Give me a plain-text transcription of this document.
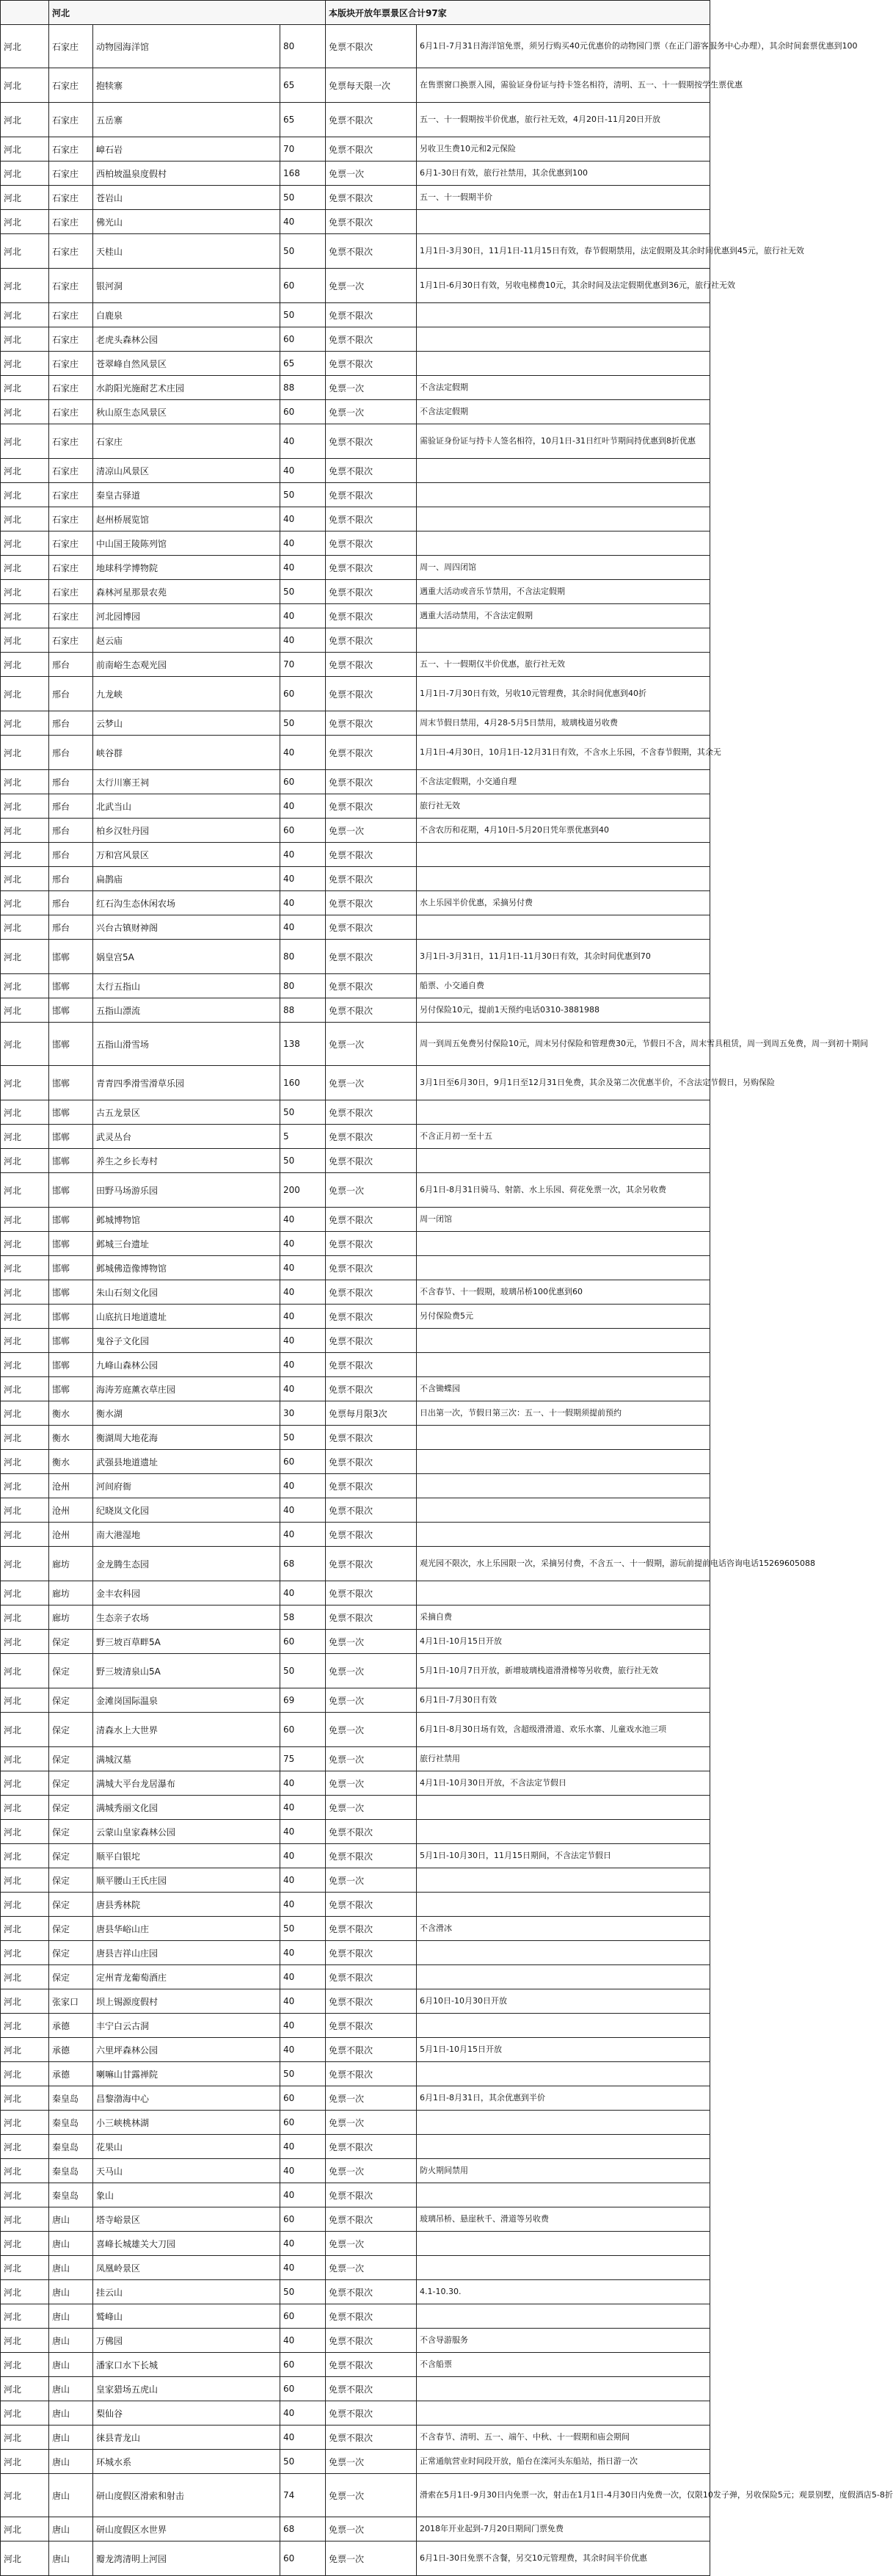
	河北			本版块开放年票景区合计97家	
河北	石家庄	动物园海洋馆	80	免票不限次	6月1日-7月31日海洋馆免票，须另行购买40元优惠价的动物园门票（在正门游客服务中心办理），其余时间套票优惠到100
河北	石家庄	抱犊寨	65	免票每天限一次	在售票窗口换票入园，需验证身份证与持卡签名相符，清明、五一、十一假期按学生票优惠
河北	石家庄	五岳寨	65	免票不限次	五一、十一假期按半价优惠，旅行社无效，4月20日-11月20日开放
河北	石家庄	嶂石岩	70	免票不限次	另收卫生费10元和2元保险
河北	石家庄	西柏坡温泉度假村	168	免票一次	6月1-30日有效，旅行社禁用，其余优惠到100
河北	石家庄	苍岩山	50	免票不限次	五一、十一假期半价
河北	石家庄	佛光山	40	免票不限次	
河北	石家庄	天桂山	50	免票不限次	1月1日-3月30日，11月1日-11月15日有效，春节假期禁用，法定假期及其余时间优惠到45元，旅行社无效
河北	石家庄	银河洞	60	免票一次	1月1日-6月30日有效，另收电梯费10元，其余时间及法定假期优惠到36元，旅行社无效
河北	石家庄	白鹿泉	50	免票不限次	
河北	石家庄	老虎头森林公园	60	免票不限次	
河北	石家庄	苍翠峰自然风景区	65	免票不限次	
河北	石家庄	水韵阳光施耐艺术庄园	88	免票一次	不含法定假期
河北	石家庄	秋山原生态风景区	60	免票一次	不含法定假期
河北	石家庄	石家庄	40	免票不限次	需验证身份证与持卡人签名相符，10月1日-31日红叶节期间持优惠到8折优惠
河北	石家庄	清凉山风景区	40	免票不限次	
河北	石家庄	秦皇古驿道	50	免票不限次	
河北	石家庄	赵州桥展览馆	40	免票不限次	
河北	石家庄	中山国王陵陈列馆	40	免票不限次	
河北	石家庄	地球科学博物院	40	免票不限次	周一、周四闭馆
河北	石家庄	森林河星那景农苑	50	免票不限次	遇重大活动或音乐节禁用，不含法定假期
河北	石家庄	河北园博园	40	免票不限次	遇重大活动禁用，不含法定假期
河北	石家庄	赵云庙	40	免票不限次	
河北	邢台	前南峪生态观光园	70	免票不限次	五一、十一假期仅半价优惠，旅行社无效
河北	邢台	九龙峡	60	免票不限次	1月1日-7月30日有效，另收10元管理费，其余时间优惠到40折
河北	邢台	云梦山	50	免票不限次	周末节假日禁用，4月28-5月5日禁用，玻璃栈道另收费
河北	邢台	峡谷群	40	免票不限次	1月1日-4月30日，10月1日-12月31日有效，不含水上乐园，不含春节假期，其余无
河北	邢台	太行川寨王祠	60	免票不限次	不含法定假期，小交通自理
河北	邢台	北武当山	40	免票不限次	旅行社无效
河北	邢台	柏乡汉牡丹园	60	免票一次	不含农历和花期，4月10日-5月20日凭年票优惠到40
河北	邢台	万和宫风景区	40	免票不限次	
河北	邢台	扁鹊庙	40	免票不限次	
河北	邢台	红石沟生态休闲农场	40	免票不限次	水上乐园半价优惠，采摘另付费
河北	邢台	兴台古镇财神阁	40	免票不限次	
河北	邯郸	娲皇宫5A	80	免票不限次	3月1日-3月31日，11月1日-11月30日有效，其余时间优惠到70
河北	邯郸	太行五指山	80	免票不限次	船票、小交通自费
河北	邯郸	五指山漂流	88	免票不限次	另付保险10元，提前1天预约电话0310-3881988
河北	邯郸	五指山滑雪场	138	免票一次	周一到周五免费另付保险10元，周末另付保险和管理费30元，节假日不含，周末雪具租赁，周一到周五免费，周一到初十期间
河北	邯郸	青青四季滑雪滑草乐园	160	免票一次	3月1日至6月30日，9月1日至12月31日免费，其余及第二次优惠半价，不含法定节假日，另购保险
河北	邯郸	古五龙景区	50	免票不限次	
河北	邯郸	武灵丛台	5	免票不限次	不含正月初一至十五
河北	邯郸	养生之乡长寿村	50	免票不限次	
河北	邯郸	田野马场游乐园	200	免票一次	6月1日-8月31日骑马、射箭、水上乐园、荷花免票一次，其余另收费
河北	邯郸	邺城博物馆	40	免票不限次	周一闭馆
河北	邯郸	邺城三台遗址	40	免票不限次	
河北	邯郸	邺城佛造像博物馆	40	免票不限次	
河北	邯郸	朱山石刻文化园	40	免票不限次	不含春节、十一假期，玻璃吊桥100优惠到60
河北	邯郸	山底抗日地道遗址	40	免票不限次	另付保险费5元
河北	邯郸	鬼谷子文化园	40	免票不限次	
河北	邯郸	九峰山森林公园	40	免票不限次	
河北	邯郸	海涛芳庭薰衣草庄园	40	免票不限次	不含锄蝶园
河北	衡水	衡水湖	30	免票每月限3次	日出第一次，节假日第三次：五一、十一假期须提前预约
河北	衡水	衡湖周大地花海	50	免票不限次	
河北	衡水	武强县地道遗址	60	免票不限次	
河北	沧州	河间府衙	40	免票不限次	
河北	沧州	纪晓岚文化园	40	免票不限次	
河北	沧州	南大港湿地	40	免票不限次	
河北	廊坊	金龙腾生态园	68	免票不限次	观光园不限次，水上乐园限一次，采摘另付费，不含五一、十一假期，游玩前提前电话咨询电话15269605088
河北	廊坊	金丰农科园	40	免票不限次	
河北	廊坊	生态亲子农场	58	免票不限次	采摘自费
河北	保定	野三坡百草畔5A	60	免票一次	4月1日-10月15日开放
河北	保定	野三坡清泉山5A	50	免票一次	5月1日-10月7日开放，新增玻璃栈道滑滑梯等另收费，旅行社无效
河北	保定	金滩岗国际温泉	69	免票一次	6月1日-7月30日有效
河北	保定	清森水上大世界	60	免票一次	6月1日-8月30日场有效，含超级滑滑道、欢乐水寨、儿童戏水池三项
河北	保定	满城汉墓	75	免票一次	旅行社禁用
河北	保定	满城大平台龙居瀑布	40	免票一次	4月1日-10月30日开放，不含法定节假日
河北	保定	满城秀丽文化园	40	免票一次	
河北	保定	云蒙山皇家森林公园	40	免票不限次	
河北	保定	顺平白银坨	40	免票不限次	5月1日-10月30日，11月15日期间，不含法定节假日
河北	保定	顺平腰山王氏庄园	40	免票一次	
河北	保定	唐县秀林院	40	免票不限次	
河北	保定	唐县华峪山庄	50	免票不限次	不含滑冰
河北	保定	唐县吉祥山庄园	40	免票不限次	
河北	保定	定州青龙葡萄酒庄	40	免票不限次	
河北	张家口	坝上锡源度假村	40	免票不限次	6月10日-10月30日开放
河北	承德	丰宁白云古洞	40	免票不限次	
河北	承德	六里坪森林公园	40	免票不限次	5月1日-10月15日开放
河北	承德	喇嘛山甘露禅院	50	免票不限次	
河北	秦皇岛	昌黎渤海中心	60	免票一次	6月1日-8月31日，其余优惠到半价
河北	秦皇岛	小三峡桃林湖	60	免票一次	
河北	秦皇岛	花果山	40	免票不限次	
河北	秦皇岛	天马山	40	免票一次	防火期间禁用
河北	秦皇岛	象山	40	免票不限次	
河北	唐山	塔寺峪景区	60	免票不限次	玻璃吊桥、悬崖秋千、滑道等另收费
河北	唐山	喜峰长城雄关大刀园	40	免票一次	
河北	唐山	凤凰岭景区	40	免票一次	
河北	唐山	挂云山	50	免票不限次	4.1-10.30.
河北	唐山	鹫峰山	60	免票不限次	
河北	唐山	万佛园	40	免票不限次	不含导游服务
河北	唐山	潘家口水下长城	60	免票不限次	不含船票
河北	唐山	皇家猎场五虎山	60	免票不限次	
河北	唐山	梨仙谷	40	免票不限次	
河北	唐山	徕县青龙山	40	免票不限次	不含春节、清明、五一、端午、中秋、十一假期和庙会期间
河北	唐山	环城水系	50	免票一次	正常通航营业时间段开放，船台在滦河头东船站，指日游一次
河北	唐山	研山度假区滑索和射击	74	免票一次	滑索在5月1日-9月30日内免票一次，射击在1月1日-4月30日内免费一次，仅限10发子弹，另收保险5元；观景别墅，度假酒店5-8折
河北	唐山	研山度假区水世界	68	免票一次	2018年开业起到-7月20日期间门票免费
河北	唐山	瓣龙湾清明上河园	60	免票一次	6月1日-30日免票不含餐，另交10元管理费，其余时间半价优惠
